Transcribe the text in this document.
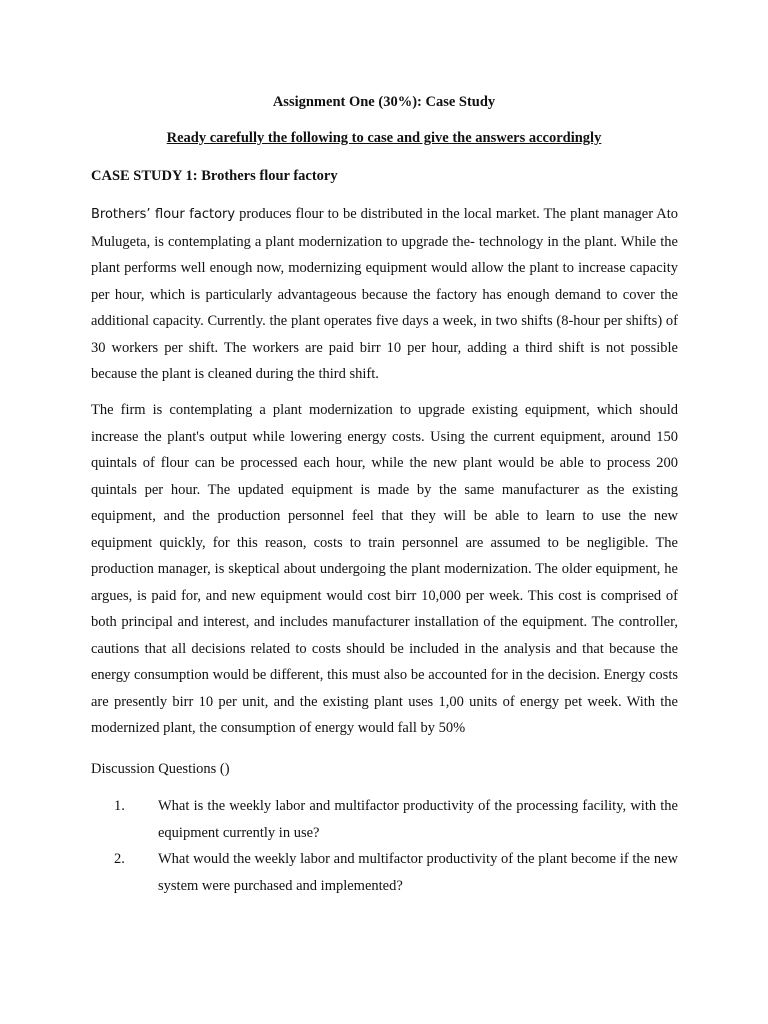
Assignment One (30%): Case Study
Ready carefully the following to case and give the answers accordingly
CASE STUDY 1: Brothers flour factory

Brothers’ flour factory produces flour to be distributed in the local market. The plant manager Ato Mulugeta, is contemplating a plant modernization to upgrade the- technology in the plant. While the plant performs well enough now, modernizing equipment would allow the plant to increase capacity per hour, which is particularly advantageous because the factory has enough demand to cover the additional capacity. Currently. the plant operates five days a week, in two shifts (8-hour per shifts) of 30 workers per shift. The workers are paid birr 10 per hour, adding a third shift is not possible because the plant is cleaned during the third shift.

The firm is contemplating a plant modernization to upgrade existing equipment, which should increase the plant's output while lowering energy costs. Using the current equipment, around 150 quintals of flour can be processed each hour, while the new plant would be able to process 200 quintals per hour. The updated equipment is made by the same manufacturer as the existing equipment, and the production personnel feel that they will be able to learn to use the new equipment quickly, for this reason, costs to train personnel are assumed to be negligible. The production manager, is skeptical about undergoing the plant modernization. The older equipment, he argues, is paid for, and new equipment would cost birr 10,000 per week. This cost is comprised of both principal and interest, and includes manufacturer installation of the equipment. The controller, cautions that all decisions related to costs should be included in the analysis and that because the energy consumption would be different, this must also be accounted for in the decision. Energy costs are presently birr 10 per unit, and the existing plant uses 1,00 units of energy pet week. With the modernized plant, the consumption of energy would fall by 50%

Discussion Questions ()
1. What is the weekly labor and multifactor productivity of the processing facility, with the equipment currently in use?
2. What would the weekly labor and multifactor productivity of the plant become if the new system were purchased and implemented?
